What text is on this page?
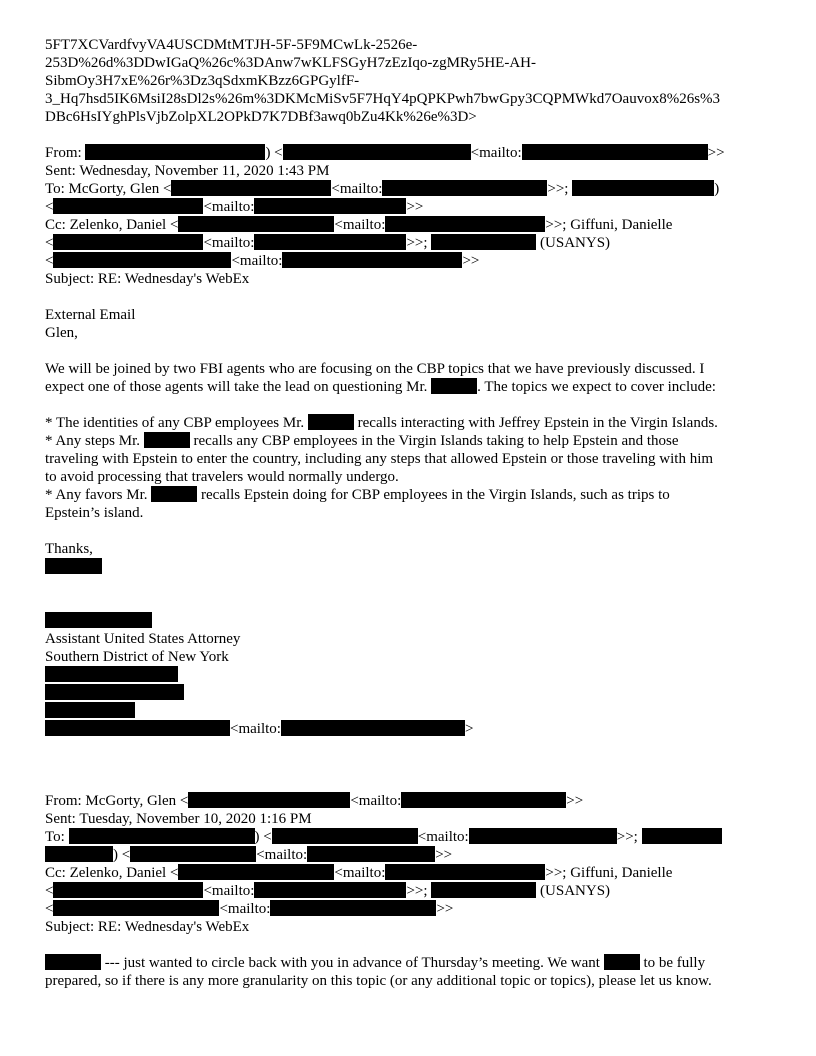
5FT7XCVardfvyVA4USCDMtMTJH-5F-5F9MCwLk-2526e-
253D%26d%3DDwIGaQ%26c%3DAnw7wKLFSGyH7zEzIqo-zgMRy5HE-AH-
SibmOy3H7xE%26r%3Dz3qSdxmKBzz6GPGylfF-
3_Hq7hsd5IK6MsiI28sDl2s%26m%3DKMcMiSv5F7HqY4pQPKPwh7bwGpy3CQPMWkd7Oauvox8%26s%3
DBc6HsIYghPlsVjbZolpXL2OPkD7K7DBf3awq0bZu4Kk%26e%3D>
From:	) <	<mailto:	>>
Sent: Wednesday, November 11, 2020 1:43 PM
To: McGorty, Glen <	<mailto:	>>;	)
<	<mailto:	>>
Cc: Zelenko, Daniel <	<mailto:	>>; Giffuni, Danielle
<	<mailto:	>>;	(USANYS)
<	<mailto:	>>
Subject: RE: Wednesday's WebEx
External Email
Glen,
We will be joined by two FBI agents who are focusing on the CBP topics that we have previously discussed. I
expect one of those agents will take the lead on questioning Mr.	. The topics we expect to cover include:
* The identities of any CBP employees Mr.	recalls interacting with Jeffrey Epstein in the Virgin Islands.
* Any steps Mr.	recalls any CBP employees in the Virgin Islands taking to help Epstein and those
traveling with Epstein to enter the country, including any steps that allowed Epstein or those traveling with him
to avoid processing that travelers would normally undergo.
* Any favors Mr.	recalls Epstein doing for CBP employees in the Virgin Islands, such as trips to
Epstein’s island.
Thanks,
Assistant United States Attorney
Southern District of New York
<mailto:	>
From: McGorty, Glen <	<mailto:	>>
Sent: Tuesday, November 10, 2020 1:16 PM
To:	) <	<mailto:	>>;
) <	<mailto:	>>
Cc: Zelenko, Daniel <	<mailto:	>>; Giffuni, Danielle
<	<mailto:	>>;	(USANYS)
<	<mailto:	>>
Subject: RE: Wednesday's WebEx
--- just wanted to circle back with you in advance of Thursday’s meeting. We want	to be fully
prepared, so if there is any more granularity on this topic (or any additional topic or topics), please let us know.
